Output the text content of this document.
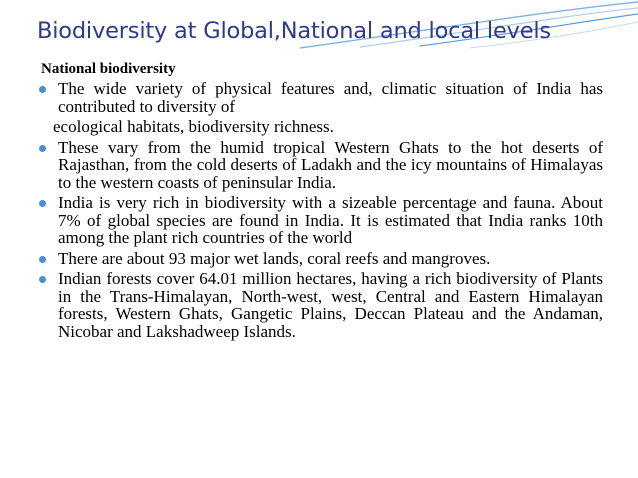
Biodiversity at Global,National and local levels
National biodiversity
The wide variety of physical features and, climatic situation of India has contributed to diversity of
ecological habitats, biodiversity richness.
These vary from the humid tropical Western Ghats to the hot deserts of Rajasthan, from the cold deserts of Ladakh and the icy mountains of Himalayas to the western coasts of peninsular India.
India is very rich in biodiversity with a sizeable percentage and fauna. About 7% of global species are found in India. It is estimated that India ranks 10th among the plant rich countries of the world
There are about 93 major wet lands, coral reefs and mangroves.
Indian forests cover 64.01 million hectares, having a rich biodiversity of Plants in the Trans-Himalayan, North-west, west, Central and Eastern Himalayan forests, Western Ghats, Gangetic Plains, Deccan Plateau and the Andaman, Nicobar and Lakshadweep Islands.
